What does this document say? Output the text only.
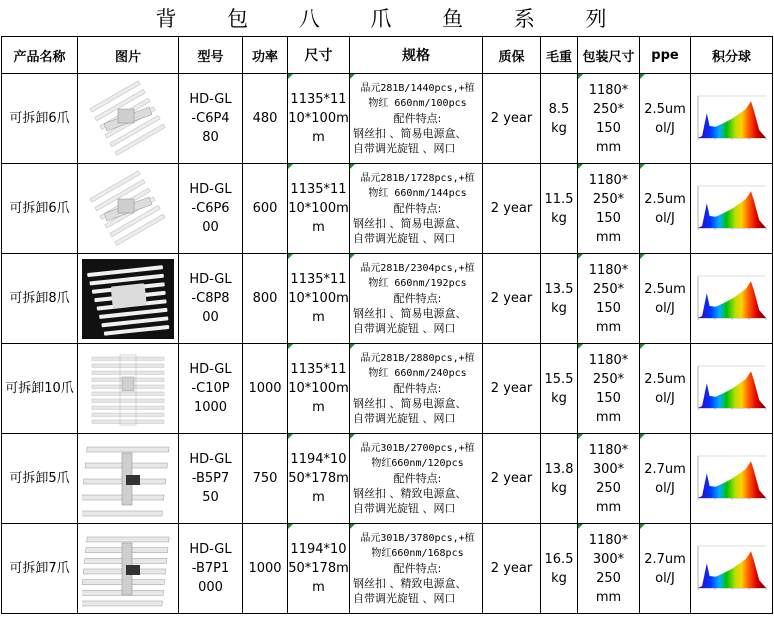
背 包 八 爪 鱼 系 列
产品名称	图片	型号	功率	尺寸	规格	质保	毛重	包装尺寸	ppe	积分球
可拆卸6爪		HD-GL
-C6P4
80	480	1135*11
10*100m
m	晶元281B/1440pcs,+植
物红 660nm/100pcs
配件特点:
钢丝扣 、简易电源盒、
自带调光旋钮 、网口	2 year	8.5
kg	1180*
250*
150
mm	2.5um
ol/J	

可拆卸6爪		HD-GL
-C6P6
00	600	1135*11
10*100m
m	晶元281B/1728pcs,+植
物红 660nm/144pcs
配件特点:
钢丝扣 、简易电源盒、
自带调光旋钮 、网口	2 year	11.5
kg	1180*
250*
150
mm	2.5um
ol/J	

可拆卸8爪		HD-GL
-C8P8
00	800	1135*11
10*100m
m	晶元281B/2304pcs,+植
物红 660nm/192pcs
配件特点:
钢丝扣 、简易电源盒、
自带调光旋钮 、网口	2 year	13.5
kg	1180*
250*
150
mm	2.5um
ol/J	

可拆卸10爪		HD-GL
-C10P
1000	1000	1135*11
10*100m
m	晶元281B/2880pcs,+植
物红 660nm/240pcs
配件特点:
钢丝扣 、简易电源盒、
自带调光旋钮 、网口	2 year	15.5
kg	1180*
250*
150
mm	2.5um
ol/J	

可拆卸5爪		HD-GL
-B5P7
50	750	1194*10
50*178m
m	晶元301B/2700pcs,+植
物红660nm/120pcs
配件特点:
钢丝扣 、精致电源盒、
自带调光旋钮 、网口	2 year	13.8
kg	1180*
300*
250
mm	2.7um
ol/J	

可拆卸7爪		HD-GL
-B7P1
000	1000	1194*10
50*178m
m	晶元301B/3780pcs,+植
物红660nm/168pcs
配件特点:
钢丝扣 、精致电源盒、
自带调光旋钮 、网口	2 year	16.5
kg	1180*
300*
250
mm	2.7um
ol/J	
